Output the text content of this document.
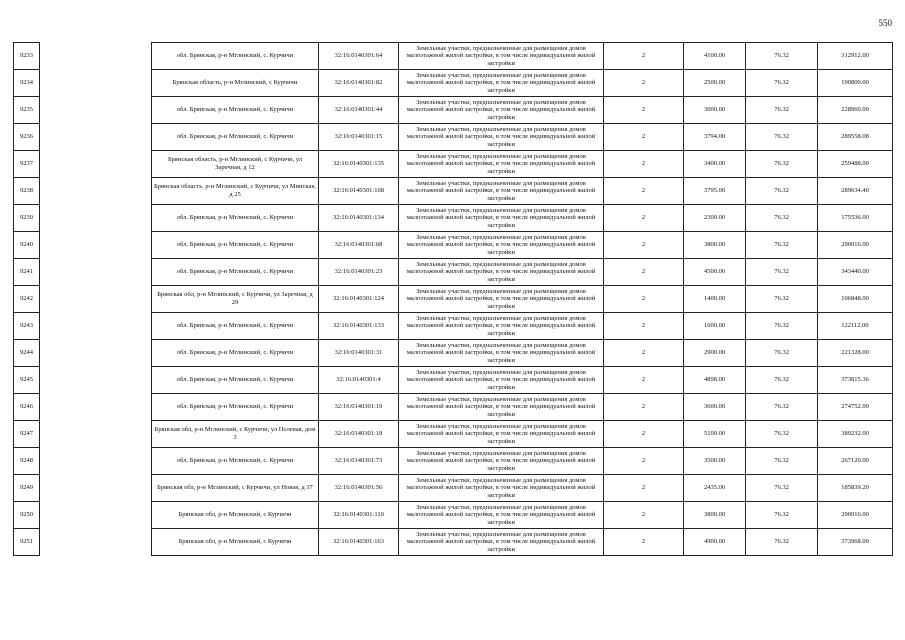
550
9233		обл. Брянская, р-н Мглинский, с. Курчичи	32:16:0140301:64	Земельные участки, предназначенные для размещения домов малоэтажной жилой застройки, в том числе индивидуальной жилой застройки	2	4100.00	76.32	312912.00
9234		Брянская область, р-н Мглинский, с Курчичи	32:16:0140301:82	Земельные участки, предназначенные для размещения домов малоэтажной жилой застройки, в том числе индивидуальной жилой застройки	2	2500.00	76.32	190800.00
9235		обл. Брянская, р-н Мглинский, с. Курчичи	32:16:0140301:44	Земельные участки, предназначенные для размещения домов малоэтажной жилой застройки, в том числе индивидуальной жилой застройки	2	3000.00	76.32	228960.00
9236		обл. Брянская, р-н Мглинский, с. Курчичи	32:16:0140301:15	Земельные участки, предназначенные для размещения домов малоэтажной жилой застройки, в том числе индивидуальной жилой застройки	2	3794.00	76.32	289558.08
9237		Брянская область, р-н Мглинский, с Курчичи, ул Заречная, д 12	32:16:0140301:135	Земельные участки, предназначенные для размещения домов малоэтажной жилой застройки, в том числе индивидуальной жилой застройки	2	3400.00	76.32	259488.00
9238		Брянская область, р-н Мглинский, с Курчичи, ул Минская, д 25	32:16:0140301:108	Земельные участки, предназначенные для размещения домов малоэтажной жилой застройки, в том числе индивидуальной жилой застройки	2	3795.00	76.32	289634.40
9239		обл. Брянская, р-н Мглинский, с. Курчичи	32:16:0140301:134	Земельные участки, предназначенные для размещения домов малоэтажной жилой застройки, в том числе индивидуальной жилой застройки	2	2300.00	76.32	175536.00
9240		обл. Брянская, р-н Мглинский, с. Курчичи	32:16:0140301:68	Земельные участки, предназначенные для размещения домов малоэтажной жилой застройки, в том числе индивидуальной жилой застройки	2	3800.00	76.32	290016.00
9241		обл. Брянская, р-н Мглинский, с. Курчичи	32:16:0140301:23	Земельные участки, предназначенные для размещения домов малоэтажной жилой застройки, в том числе индивидуальной жилой застройки	2	4500.00	76.32	343440.00
9242		Брянская обл, р-н Мглинский, с Курчичи, ул Заречная, д 29	32:16:0140301:124	Земельные участки, предназначенные для размещения домов малоэтажной жилой застройки, в том числе индивидуальной жилой застройки	2	1400.00	76.32	106848.00
9243		обл. Брянская, р-н Мглинский, с. Курчичи	32:16:0140301:133	Земельные участки, предназначенные для размещения домов малоэтажной жилой застройки, в том числе индивидуальной жилой застройки	2	1600.00	76.32	122112.00
9244		обл. Брянская, р-н Мглинский, с. Курчичи	32:16:0140301:31	Земельные участки, предназначенные для размещения домов малоэтажной жилой застройки, в том числе индивидуальной жилой застройки	2	2900.00	76.32	221328.00
9245		обл. Брянская, р-н Мглинский, с. Курчичи	32:16:0140301:4	Земельные участки, предназначенные для размещения домов малоэтажной жилой застройки, в том числе индивидуальной жилой застройки	2	4898.00	76.32	373815.36
9246		обл. Брянская, р-н Мглинский, с. Курчичи	32:16:0140301:19	Земельные участки, предназначенные для размещения домов малоэтажной жилой застройки, в том числе индивидуальной жилой застройки	2	3600.00	76.32	274752.00
9247		Брянская обл, р-н Мглинский, с Курчичи, ул Полевая, дом 3	32:16:0140301:18	Земельные участки, предназначенные для размещения домов малоэтажной жилой застройки, в том числе индивидуальной жилой застройки	2	5100.00	76.32	389232.00
9248		обл. Брянская, р-н Мглинский, с. Курчичи	32:16:0140301:73	Земельные участки, предназначенные для размещения домов малоэтажной жилой застройки, в том числе индивидуальной жилой застройки	2	3500.00	76.32	267120.00
9249		Брянская обл, р-н Мглинский, с Курчичи, ул Новая, д 37	32:16:0140301:56	Земельные участки, предназначенные для размещения домов малоэтажной жилой застройки, в том числе индивидуальной жилой застройки	2	2435.00	76.32	185839.20
9250		Брянская обл, р-н Мглинский, с Курчичи	32:16:0140301:110	Земельные участки, предназначенные для размещения домов малоэтажной жилой застройки, в том числе индивидуальной жилой застройки	2	3800.00	76.32	290016.00
9251		Брянская обл, р-н Мглинский, с Курчичи	32:16:0140301:163	Земельные участки, предназначенные для размещения домов малоэтажной жилой застройки, в том числе индивидуальной жилой застройки	2	4900.00	76.32	373968.00
